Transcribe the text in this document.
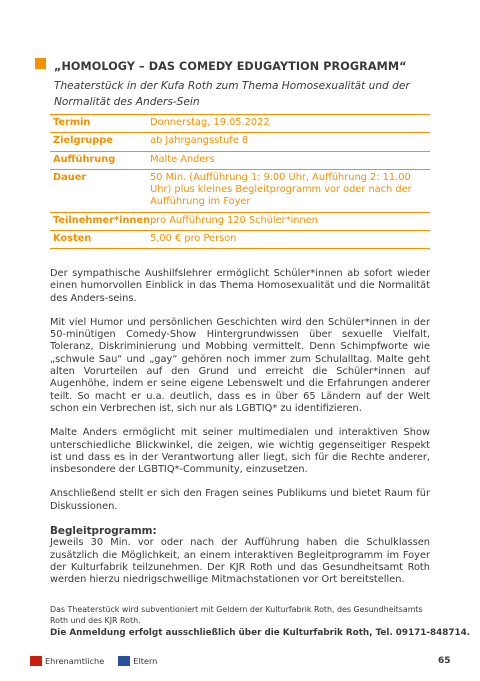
„HOMOLOGY – DAS COMEDY EDUGAYTION PROGRAMM“
Theaterstück in der Kufa Roth zum Thema Homosexualität und der Normalität des Anders-Sein
Termin	Donnerstag, 19.05.2022
Zielgruppe	ab Jahrgangsstufe 8
Aufführung	Malte Anders
Dauer	50 Min. (Aufführung 1: 9.00 Uhr, Aufführung 2: 11.00 Uhr) plus kleines Begleitprogramm vor oder nach der Aufführung im Foyer
Teilnehmer*innen	pro Aufführung 120 Schüler*innen
Kosten	5,00 € pro Person

Der sympathische Aushilfslehrer ermöglicht Schüler*innen ab sofort wieder einen humorvollen Einblick in das Thema Homosexualität und die Normalität des Anders-seins.

Mit viel Humor und persönlichen Geschichten wird den Schüler*innen in der 50-minütigen Comedy-Show Hintergrundwissen über sexuelle Vielfalt, Toleranz, Diskriminierung und Mobbing vermittelt. Denn Schimpfworte wie „schwule Sau“ und „gay“ gehören noch immer zum Schulalltag. Malte geht alten Vorurteilen auf den Grund und erreicht die Schüler*innen auf Augenhöhe, indem er seine eigene Lebenswelt und die Erfahrungen anderer teilt. So macht er u.a. deutlich, dass es in über 65 Ländern auf der Welt schon ein Verbrechen ist, sich nur als LGBTIQ* zu identifizieren.

Malte Anders ermöglicht mit seiner multimedialen und interaktiven Show unterschiedliche Blickwinkel, die zeigen, wie wichtig gegenseitiger Respekt ist und dass es in der Verantwortung aller liegt, sich für die Rechte anderer, insbesondere der LGBTIQ*-Community, einzusetzen.

Anschließend stellt er sich den Fragen seines Publikums und bietet Raum für Diskussionen.

Begleitprogramm:

Jeweils 30 Min. vor oder nach der Aufführung haben die Schulklassen zusätzlich die Möglichkeit, an einem interaktiven Begleitprogramm im Foyer der Kulturfabrik teilzunehmen. Der KJR Roth und das Gesundheitsamt Roth werden hierzu niedrigschwellige Mitmachstationen vor Ort bereitstellen.

Das Theaterstück wird subventioniert mit Geldern der Kulturfabrik Roth, des Gesundheitsamts Roth und des KJR Roth.
Die Anmeldung erfolgt ausschließlich über die Kulturfabrik Roth, Tel. 09171-848714.
Ehrenamtliche	Eltern	65
